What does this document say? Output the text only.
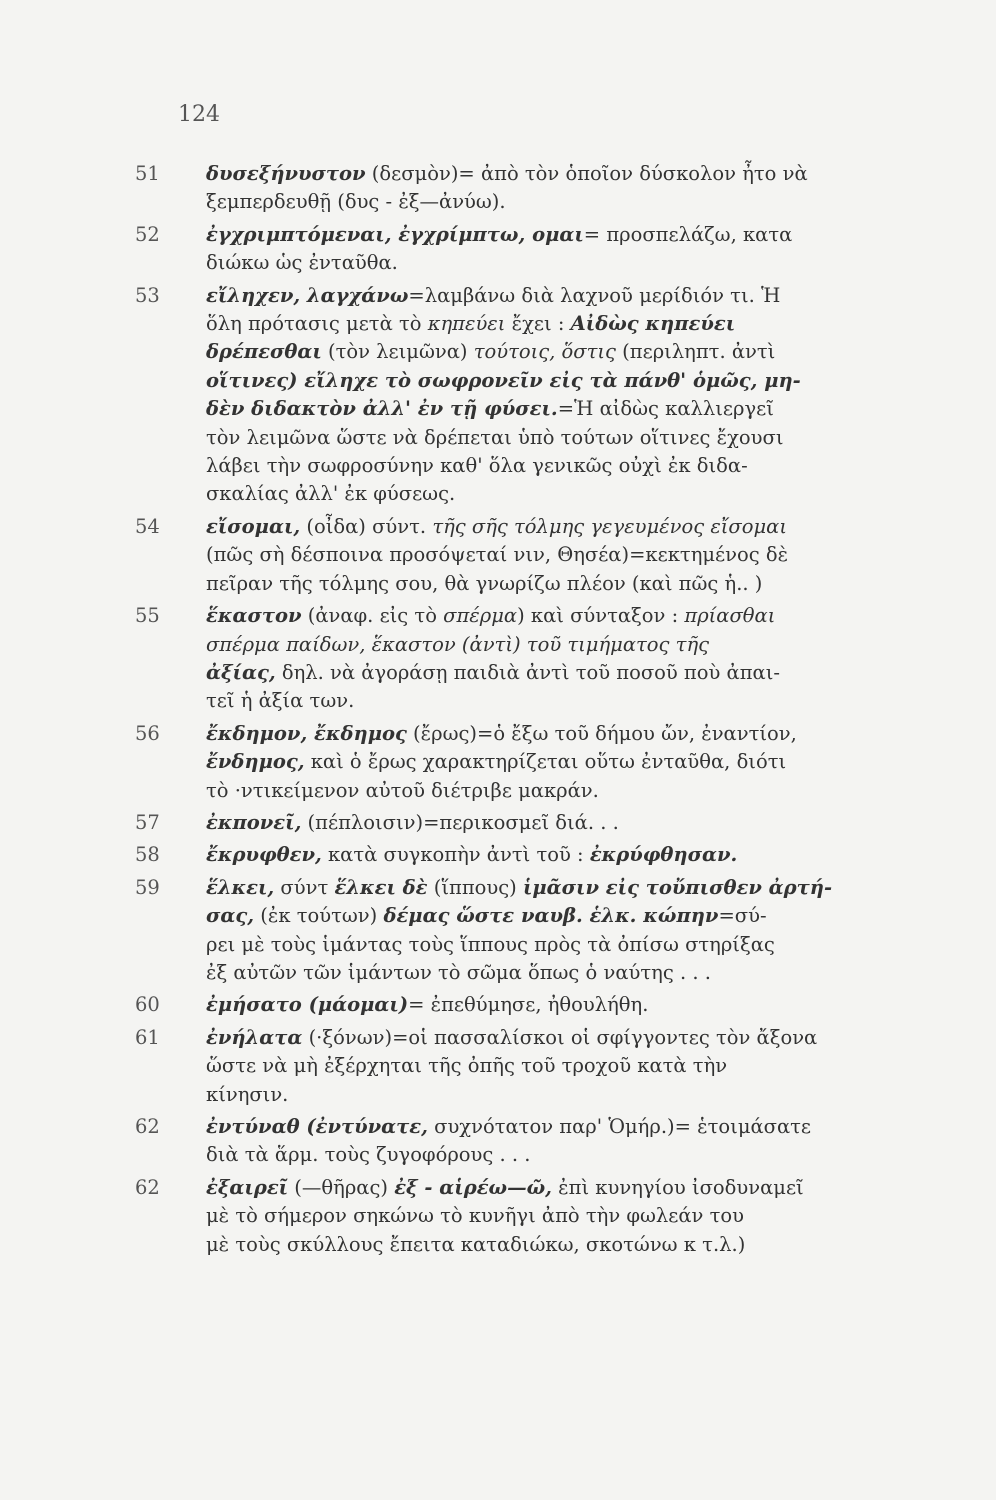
124
51	δυσεξήνυστον (δεσμὸν)= ἀπὸ τὸν ὁποῖον δύσκολον ἦτο νὰ
ξεμπερδευθῇ (δυς - ἐξ—ἀνύω).
52	ἐγχριμπτόμεναι, ἐγχρίμπτω, ομαι= προσπελάζω, κατα
διώκω ὡς ἐνταῦθα.
53	εἴληχεν, λαγχάνω=λαμβάνω διὰ λαχνοῦ μερίδιόν τι. Ἡ
ὅλη πρότασις μετὰ τὸ κηπεύει ἔχει : Αἰδὼς κηπεύει
δρέπεσθαι (τὸν λειμῶνα) τούτοις, ὅστις (περιληπτ. ἀντὶ
οἵτινες) εἴληχε τὸ σωφρονεῖν εἰς τὰ πάνθ' ὁμῶς, μη-
δὲν διδακτὸν ἀλλ' ἐν τῇ φύσει.=Ἡ αἰδὼς καλλιεργεῖ
τὸν λειμῶνα ὥστε νὰ δρέπεται ὑπὸ τούτων οἵτινες ἔχουσι
λάβει τὴν σωφροσύνην καθ' ὅλα γενικῶς οὐχὶ ἐκ διδα-
σκαλίας ἀλλ' ἐκ φύσεως.
54	εἴσομαι, (οἶδα) σύντ. τῆς σῆς τόλμης γεγευμένος εἴσομαι
(πῶς σὴ δέσποινα προσόψεταί νιν, Θησέα)=κεκτημένος δὲ
πεῖραν τῆς τόλμης σου, θὰ γνωρίζω πλέον (καὶ πῶς ἡ.. )
55	ἕκαστον (ἀναφ. εἰς τὸ σπέρμα) καὶ σύνταξον : πρίασθαι
σπέρμα παίδων, ἕκαστον (ἀντὶ) τοῦ τιμήματος τῆς
ἀξίας, δηλ. νὰ ἀγοράσῃ παιδιὰ ἀντὶ τοῦ ποσοῦ ποὺ ἀπαι-
τεῖ ἡ ἀξία των.
56	ἔκδημον, ἔκδημος (ἔρως)=ὁ ἔξω τοῦ δήμου ὤν, ἐναντίον,
ἔνδημος, καὶ ὁ ἔρως χαρακτηρίζεται οὕτω ἐνταῦθα, διότι
τὸ ·ντικείμενον αὐτοῦ διέτριβε μακράν.
57	ἐκπονεῖ, (πέπλοισιν)=περικοσμεῖ διά. . .
58	ἔκρυφθεν, κατὰ συγκοπὴν ἀντὶ τοῦ : ἐκρύφθησαν.
59	ἕλκει, σύντ ἕλκει δὲ (ἵππους) ἱμᾶσιν εἰς τοὔπισθεν ἀρτή-
σας, (ἐκ τούτων) δέμας ὥστε ναυβ. ἑλκ. κώπην=σύ-
ρει μὲ τοὺς ἱμάντας τοὺς ἵππους πρὸς τὰ ὀπίσω στηρίξας
ἐξ αὐτῶν τῶν ἱμάντων τὸ σῶμα ὅπως ὁ ναύτης . . .
60	ἐμήσατο (μάομαι)= ἐπεθύμησε, ἠθουλήθη.
61	ἐνήλατα (·ξόνων)=οἱ πασσαλίσκοι οἱ σφίγγοντες τὸν ἄξονα
ὥστε νὰ μὴ ἐξέρχηται τῆς ὀπῆς τοῦ τροχοῦ κατὰ τὴν
κίνησιν.
62	ἐντύναθ (ἐντύνατε, συχνότατον παρ' Ὁμήρ.)= ἑτοιμάσατε
διὰ τὰ ἅρμ. τοὺς ζυγοφόρους . . .
62	ἐξαιρεῖ (—θῆρας) ἐξ - αἱρέω—ῶ, ἐπὶ κυνηγίου ἰσοδυναμεῖ
μὲ τὸ σήμερον σηκώνω τὸ κυνῆγι ἀπὸ τὴν φωλεάν του
μὲ τοὺς σκύλλους ἔπειτα καταδιώκω, σκοτώνω κ τ.λ.)
